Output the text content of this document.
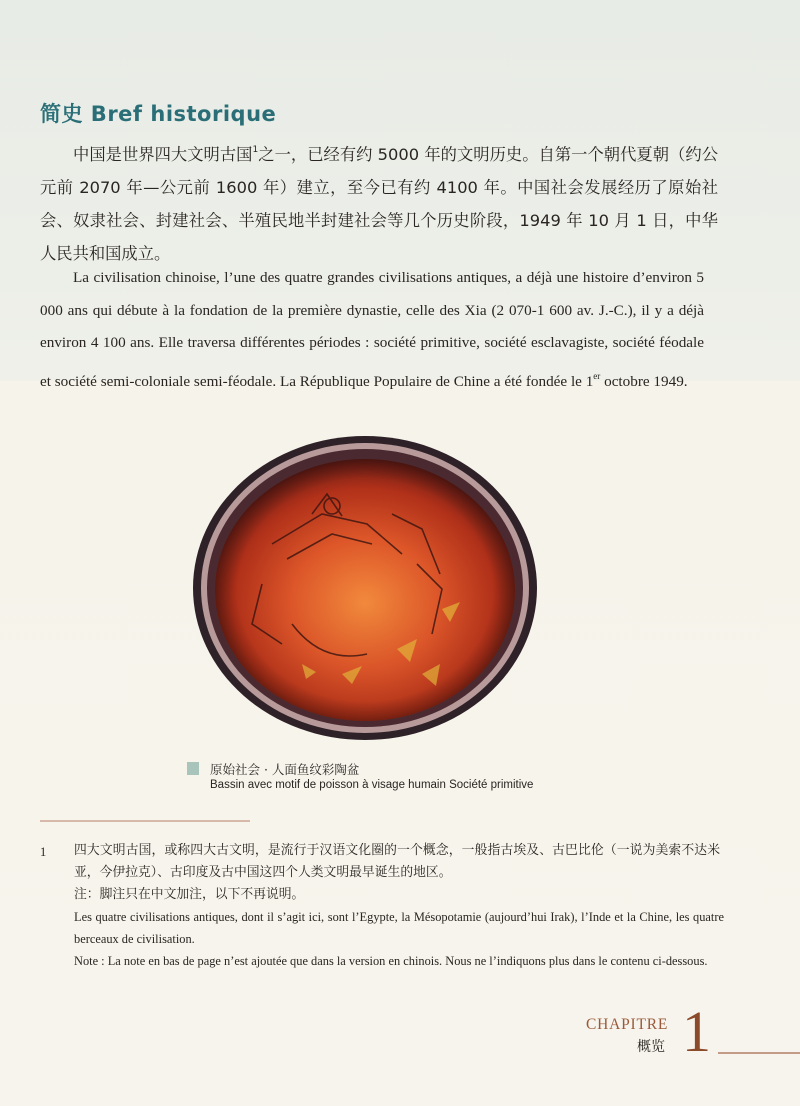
简史 Bref historique
中国是世界四大文明古国$^1$之一，已经有约 5000 年的文明历史。自第一个朝代夏朝（约公元前 2070 年—公元前 1600 年）建立，至今已有约 4100 年。中国社会发展经历了原始社会、奴隶社会、封建社会、半殖民地半封建社会等几个历史阶段，1949 年 10 月 1 日，中华人民共和国成立。
La civilisation chinoise, l’une des quatre grandes civilisations antiques, a déjà une histoire d’environ 5 000 ans qui débute à la fondation de la première dynastie, celle des Xia (2 070-1 600 av. J.-C.), il y a déjà environ 4 100 ans. Elle traversa différentes périodes : société primitive, société esclavagiste, société féodale et société semi-coloniale semi-féodale. La République Populaire de Chine a été fondée le 1er octobre 1949.
原始社会 · 人面鱼纹彩陶盆
Bassin avec motif de poisson à visage humain Société primitive
1 四大文明古国，或称四大古文明，是流行于汉语文化圈的一个概念，一般指古埃及、古巴比伦（一说为美索不达米亚，今伊拉克）、古印度及古中国这四个人类文明最早诞生的地区。
注：脚注只在中文加注，以下不再说明。
Les quatre civilisations antiques, dont il s’agit ici, sont l’Egypte, la Mésopotamie (aujourd’hui Irak), l’Inde et la Chine, les quatre berceaux de civilisation.
Note : La note en bas de page n’est ajoutée que dans la version en chinois. Nous ne l’indiquons plus dans le contenu ci-dessous.
CHAPITRE
概览 1
